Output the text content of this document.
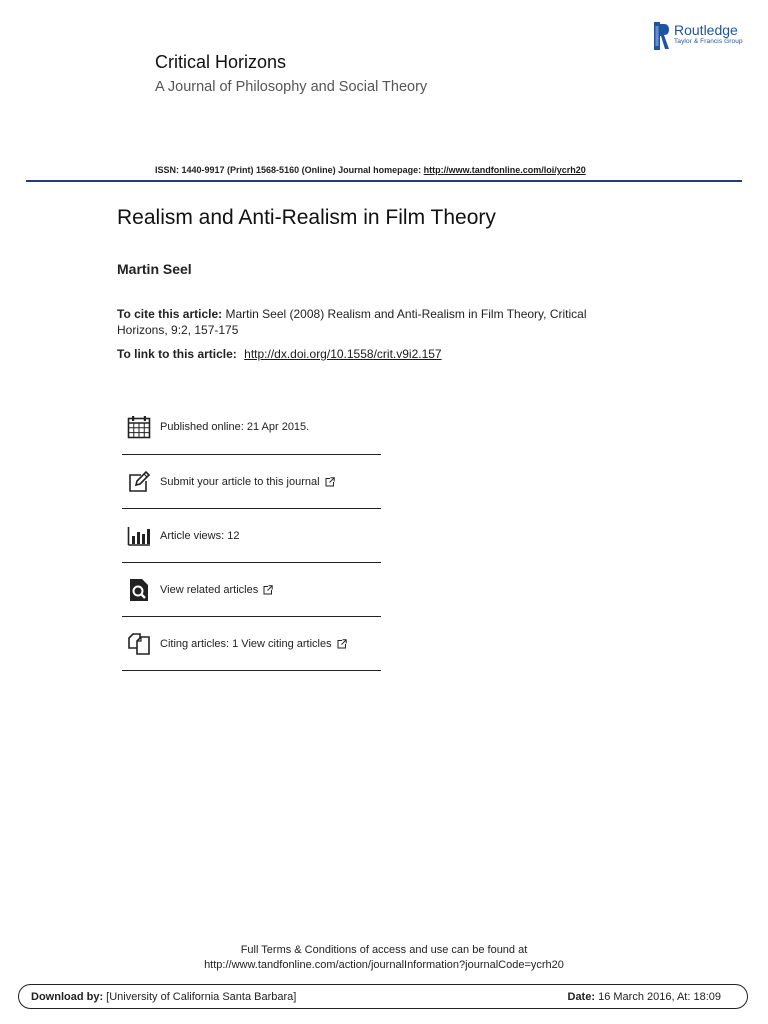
Critical Horizons
A Journal of Philosophy and Social Theory
Routledge
Taylor & Francis Group
ISSN: 1440-9917 (Print) 1568-5160 (Online) Journal homepage: http://www.tandfonline.com/loi/ycrh20
Realism and Anti-Realism in Film Theory
Martin Seel
To cite this article: Martin Seel (2008) Realism and Anti-Realism in Film Theory, Critical Horizons, 9:2, 157-175
To link to this article: http://dx.doi.org/10.1558/crit.v9i2.157
Published online: 21 Apr 2015.
Submit your article to this journal
Article views: 12
View related articles
Citing articles: 1 View citing articles
Full Terms & Conditions of access and use can be found at
http://www.tandfonline.com/action/journalInformation?journalCode=ycrh20
Download by: [University of California Santa Barbara]	Date: 16 March 2016, At: 18:09
